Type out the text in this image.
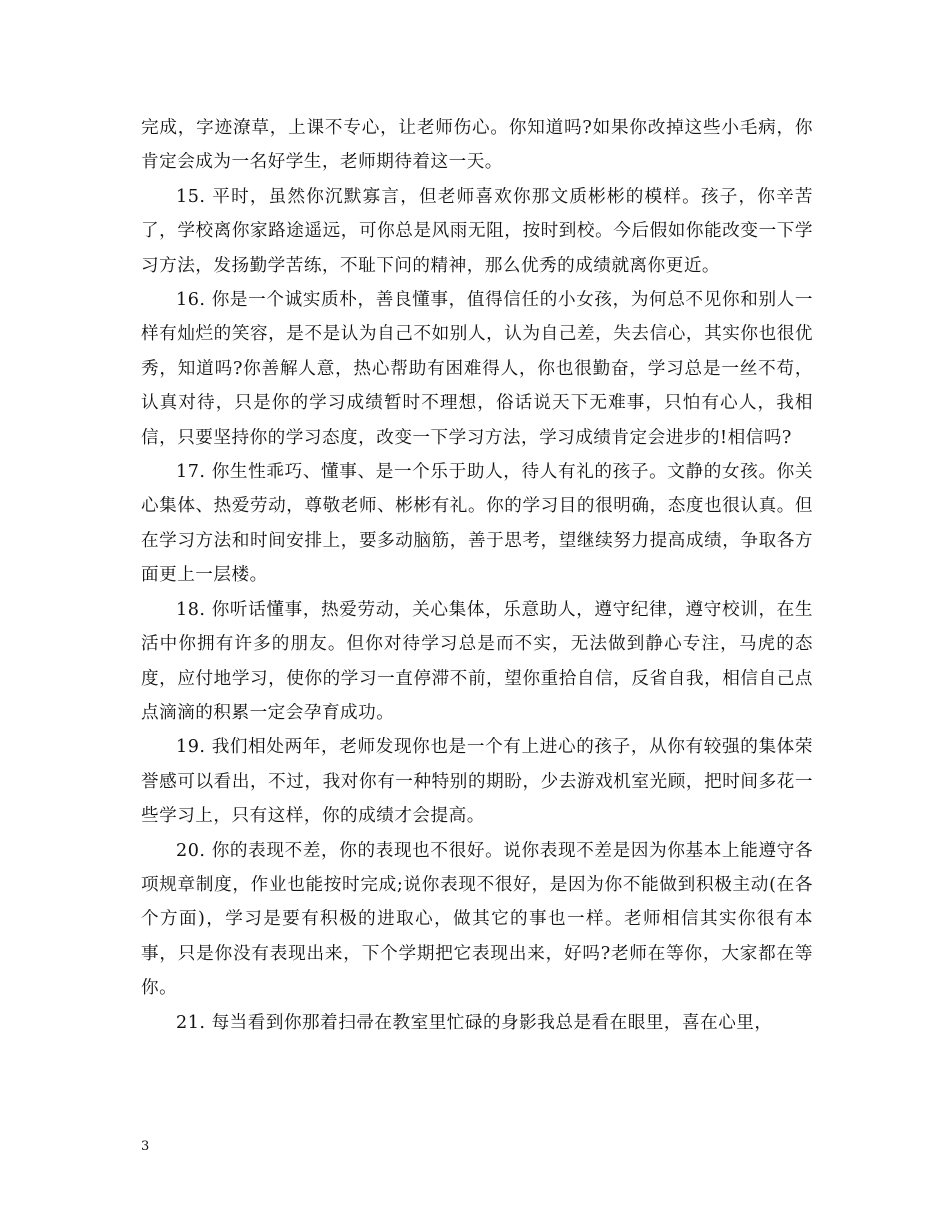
完成，字迹潦草，上课不专心，让老师伤心。你知道吗?如果你改掉这些小毛病，你肯定会成为一名好学生，老师期待着这一天。

15. 平时，虽然你沉默寡言，但老师喜欢你那文质彬彬的模样。孩子，你辛苦了，学校离你家路途遥远，可你总是风雨无阻，按时到校。今后假如你能改变一下学习方法，发扬勤学苦练，不耻下问的精神，那么优秀的成绩就离你更近。

16. 你是一个诚实质朴，善良懂事，值得信任的小女孩，为何总不见你和别人一样有灿烂的笑容，是不是认为自己不如别人，认为自己差，失去信心，其实你也很优秀，知道吗?你善解人意，热心帮助有困难得人，你也很勤奋，学习总是一丝不苟，认真对待，只是你的学习成绩暂时不理想，俗话说天下无难事，只怕有心人，我相信，只要坚持你的学习态度，改变一下学习方法，学习成绩肯定会进步的!相信吗?

17. 你生性乖巧、懂事、是一个乐于助人，待人有礼的孩子。文静的女孩。你关心集体、热爱劳动，尊敬老师、彬彬有礼。你的学习目的很明确，态度也很认真。但在学习方法和时间安排上，要多动脑筋，善于思考，望继续努力提高成绩，争取各方面更上一层楼。

18. 你听话懂事，热爱劳动，关心集体，乐意助人，遵守纪律，遵守校训，在生活中你拥有许多的朋友。但你对待学习总是而不实，无法做到静心专注，马虎的态度，应付地学习，使你的学习一直停滞不前，望你重拾自信，反省自我，相信自己点点滴滴的积累一定会孕育成功。

19. 我们相处两年，老师发现你也是一个有上进心的孩子，从你有较强的集体荣誉感可以看出，不过，我对你有一种特别的期盼，少去游戏机室光顾，把时间多花一些学习上，只有这样，你的成绩才会提高。

20. 你的表现不差，你的表现也不很好。说你表现不差是因为你基本上能遵守各项规章制度，作业也能按时完成;说你表现不很好，是因为你不能做到积极主动(在各个方面)，学习是要有积极的进取心，做其它的事也一样。老师相信其实你很有本事，只是你没有表现出来，下个学期把它表现出来，好吗?老师在等你，大家都在等你。

21. 每当看到你那着扫帚在教室里忙碌的身影我总是看在眼里，喜在心里，

3
